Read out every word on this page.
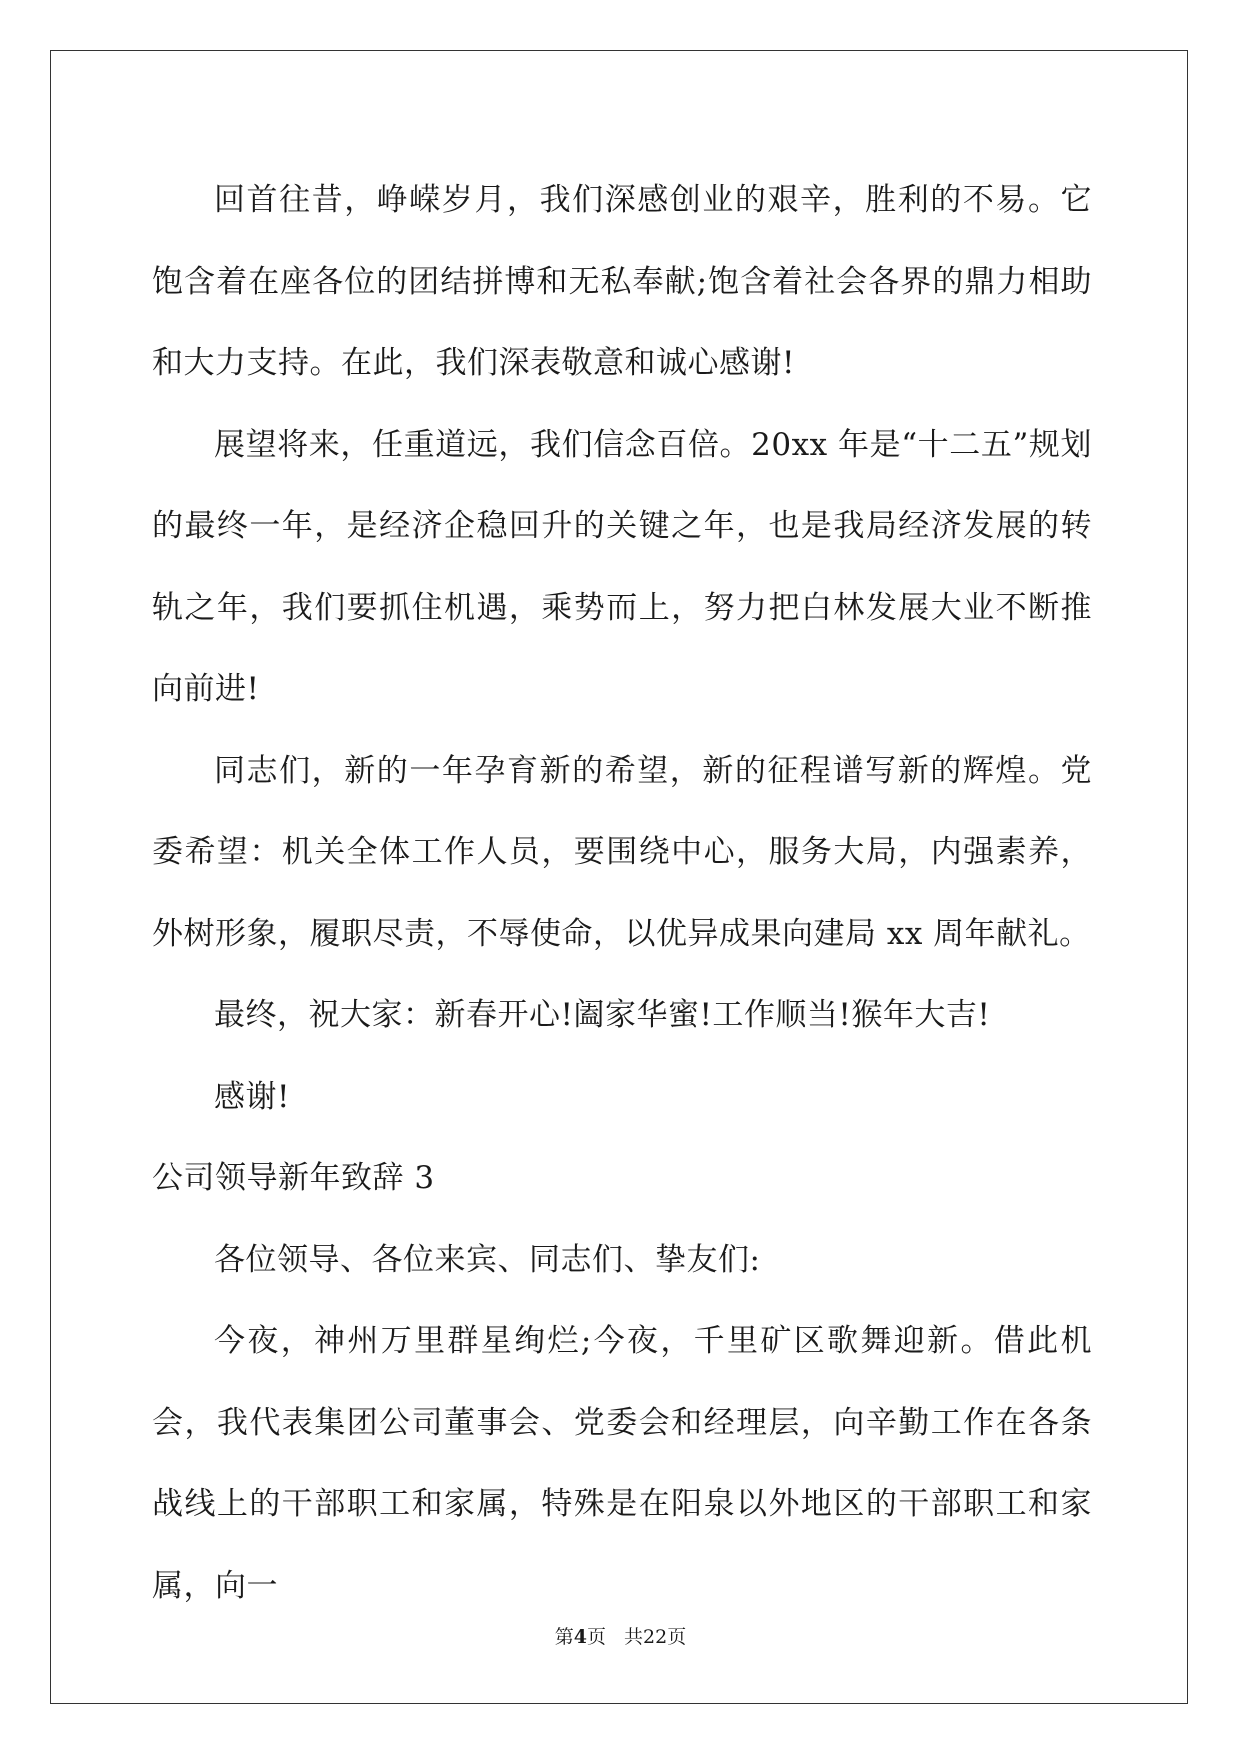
回首往昔，峥嵘岁月，我们深感创业的艰辛，胜利的不易。它饱含着在座各位的团结拼博和无私奉献;饱含着社会各界的鼎力相助和大力支持。在此，我们深表敬意和诚心感谢!

展望将来，任重道远，我们信念百倍。20xx 年是“十二五”规划的最终一年，是经济企稳回升的关键之年，也是我局经济发展的转轨之年，我们要抓住机遇，乘势而上，努力把白林发展大业不断推向前进!

同志们，新的一年孕育新的希望，新的征程谱写新的辉煌。党委希望：机关全体工作人员，要围绕中心，服务大局，内强素养，外树形象，履职尽责，不辱使命，以优异成果向建局 xx 周年献礼。

最终，祝大家：新春开心!阖家华蜜!工作顺当!猴年大吉!

感谢!

公司领导新年致辞 3

各位领导、各位来宾、同志们、挚友们:

今夜，神州万里群星绚烂;今夜，千里矿区歌舞迎新。借此机会，我代表集团公司董事会、党委会和经理层，向辛勤工作在各条战线上的干部职工和家属，特殊是在阳泉以外地区的干部职工和家属，向一

第4页 共22页
